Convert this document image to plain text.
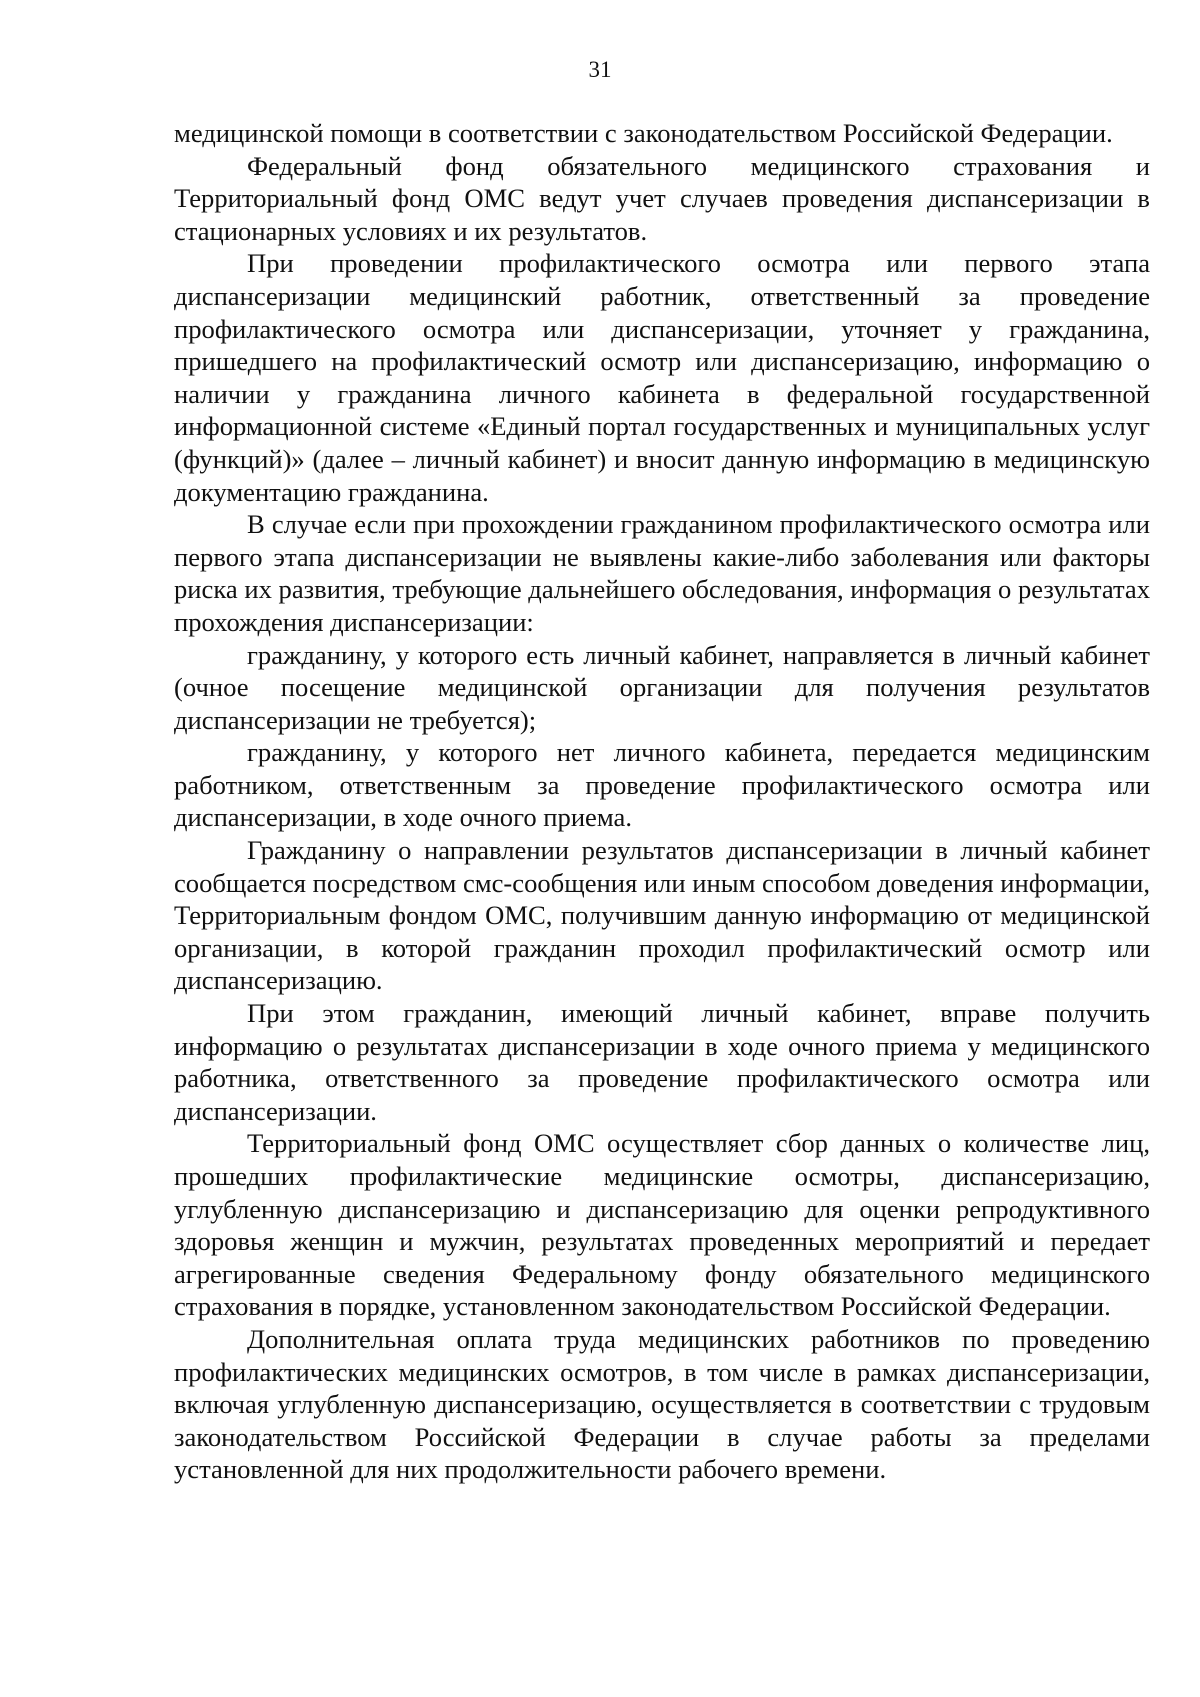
31

медицинской помощи в соответствии с законодательством Российской Федерации.

Федеральный фонд обязательного медицинского страхования и Территориальный фонд ОМС ведут учет случаев проведения диспансеризации в стационарных условиях и их результатов.

При проведении профилактического осмотра или первого этапа диспансеризации медицинский работник, ответственный за проведение профилактического осмотра или диспансеризации, уточняет у гражданина, пришедшего на профилактический осмотр или диспансеризацию, информацию о наличии у гражданина личного кабинета в федеральной государственной информационной системе «Единый портал государственных и муниципальных услуг (функций)» (далее – личный кабинет) и вносит данную информацию в медицинскую документацию гражданина.

В случае если при прохождении гражданином профилактического осмотра или первого этапа диспансеризации не выявлены какие-либо заболевания или факторы риска их развития, требующие дальнейшего обследования, информация о результатах прохождения диспансеризации:

гражданину, у которого есть личный кабинет, направляется в личный кабинет (очное посещение медицинской организации для получения результатов диспансеризации не требуется);

гражданину, у которого нет личного кабинета, передается медицинским работником, ответственным за проведение профилактического осмотра или диспансеризации, в ходе очного приема.

Гражданину о направлении результатов диспансеризации в личный кабинет сообщается посредством смс-сообщения или иным способом доведения информации, Территориальным фондом ОМС, получившим данную информацию от медицинской организации, в которой гражданин проходил профилактический осмотр или диспансеризацию.

При этом гражданин, имеющий личный кабинет, вправе получить информацию о результатах диспансеризации в ходе очного приема у медицинского работника, ответственного за проведение профилактического осмотра или диспансеризации.

Территориальный фонд ОМС осуществляет сбор данных о количестве лиц, прошедших профилактические медицинские осмотры, диспансеризацию, углубленную диспансеризацию и диспансеризацию для оценки репродуктивного здоровья женщин и мужчин, результатах проведенных мероприятий и передает агрегированные сведения Федеральному фонду обязательного медицинского страхования в порядке, установленном законодательством Российской Федерации.

Дополнительная оплата труда медицинских работников по проведению профилактических медицинских осмотров, в том числе в рамках диспансеризации, включая углубленную диспансеризацию, осуществляется в соответствии с трудовым законодательством Российской Федерации в случае работы за пределами установленной для них продолжительности рабочего времени.
